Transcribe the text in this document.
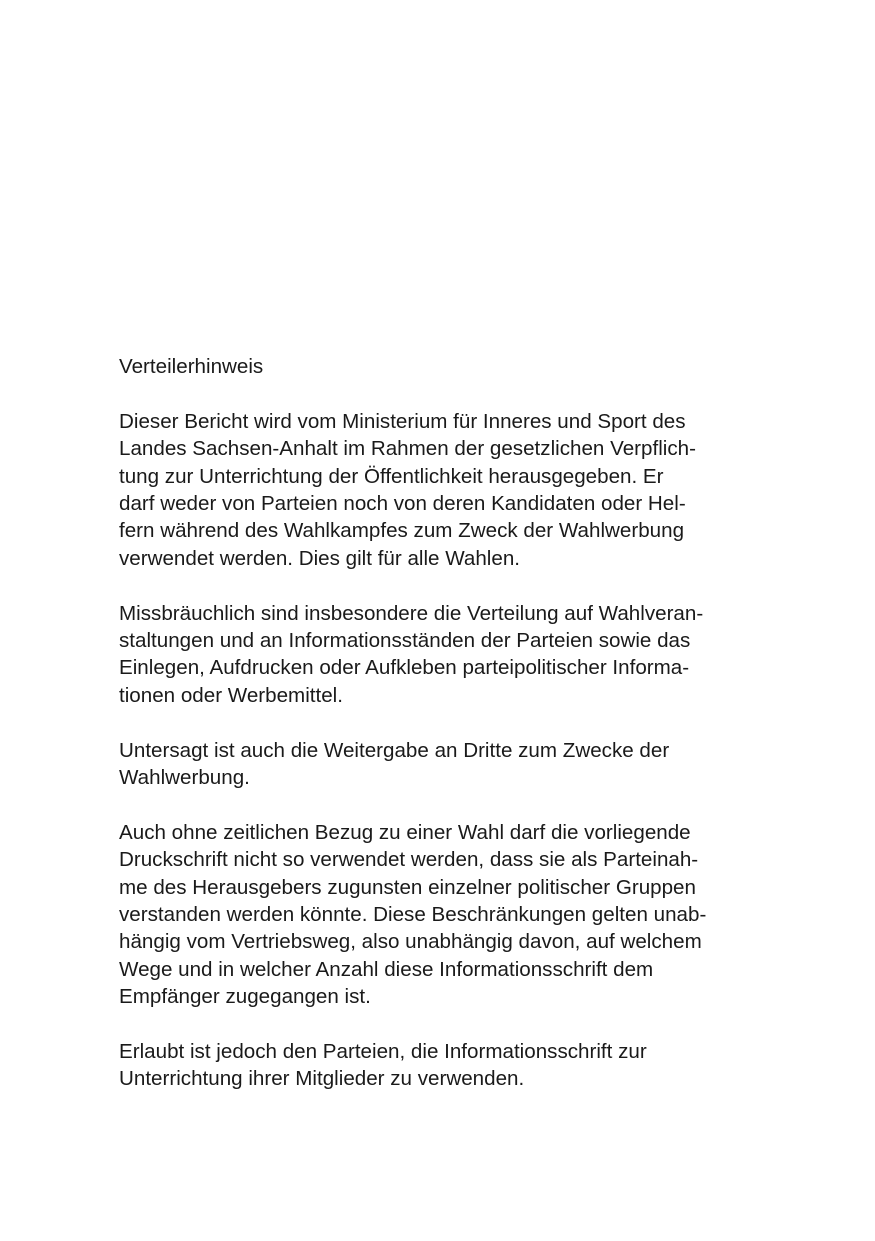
Verteilerhinweis
Dieser Bericht wird vom Ministerium für Inneres und Sport des
Landes Sachsen-Anhalt im Rahmen der gesetzlichen Verpflich-
tung zur Unterrichtung der Öffentlichkeit herausgegeben. Er
darf weder von Parteien noch von deren Kandidaten oder Hel-
fern während des Wahlkampfes zum Zweck der Wahlwerbung
verwendet werden. Dies gilt für alle Wahlen.
Missbräuchlich sind insbesondere die Verteilung auf Wahlveran-
staltungen und an Informationsständen der Parteien sowie das
Einlegen, Aufdrucken oder Aufkleben parteipolitischer Informa-
tionen oder Werbemittel.
Untersagt ist auch die Weitergabe an Dritte zum Zwecke der
Wahlwerbung.
Auch ohne zeitlichen Bezug zu einer Wahl darf die vorliegende
Druckschrift nicht so verwendet werden, dass sie als Parteinah-
me des Herausgebers zugunsten einzelner politischer Gruppen
verstanden werden könnte. Diese Beschränkungen gelten unab-
hängig vom Vertriebsweg, also unabhängig davon, auf welchem
Wege und in welcher Anzahl diese Informationsschrift dem
Empfänger zugegangen ist.
Erlaubt ist jedoch den Parteien, die Informationsschrift zur
Unterrichtung ihrer Mitglieder zu verwenden.
